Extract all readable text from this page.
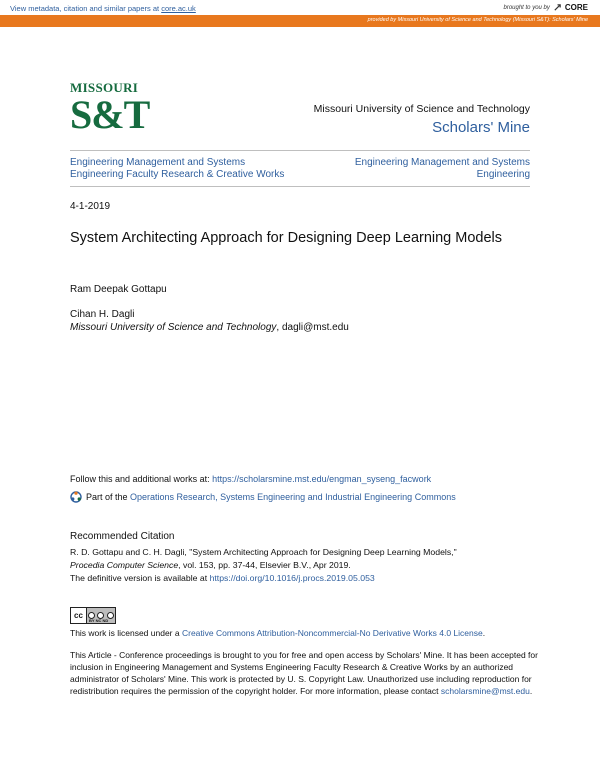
View metadata, citation and similar papers at core.ac.uk	brought to you by CORE
provided by Missouri University of Science and Technology (Missouri S&T): Scholars' Mine
MISSOURI
S&T	Missouri University of Science and Technology
Scholars' Mine
Engineering Management and Systems
Engineering Faculty Research & Creative Works
Engineering Management and Systems
Engineering
4-1-2019
System Architecting Approach for Designing Deep Learning Models
Ram Deepak Gottapu
Cihan H. Dagli
Missouri University of Science and Technology, dagli@mst.edu
Follow this and additional works at: https://scholarsmine.mst.edu/engman_syseng_facwork
Part of the Operations Research, Systems Engineering and Industrial Engineering Commons
Recommended Citation
R. D. Gottapu and C. H. Dagli, "System Architecting Approach for Designing Deep Learning Models,"
Procedia Computer Science, vol. 153, pp. 37-44, Elsevier B.V., Apr 2019.
The definitive version is available at https://doi.org/10.1016/j.procs.2019.05.053
cc
BY NC ND
This work is licensed under a Creative Commons Attribution-Noncommercial-No Derivative Works 4.0 License.
This Article - Conference proceedings is brought to you for free and open access by Scholars' Mine. It has been accepted for inclusion in Engineering Management and Systems Engineering Faculty Research & Creative Works by an authorized administrator of Scholars' Mine. This work is protected by U. S. Copyright Law. Unauthorized use including reproduction for redistribution requires the permission of the copyright holder. For more information, please contact scholarsmine@mst.edu.
